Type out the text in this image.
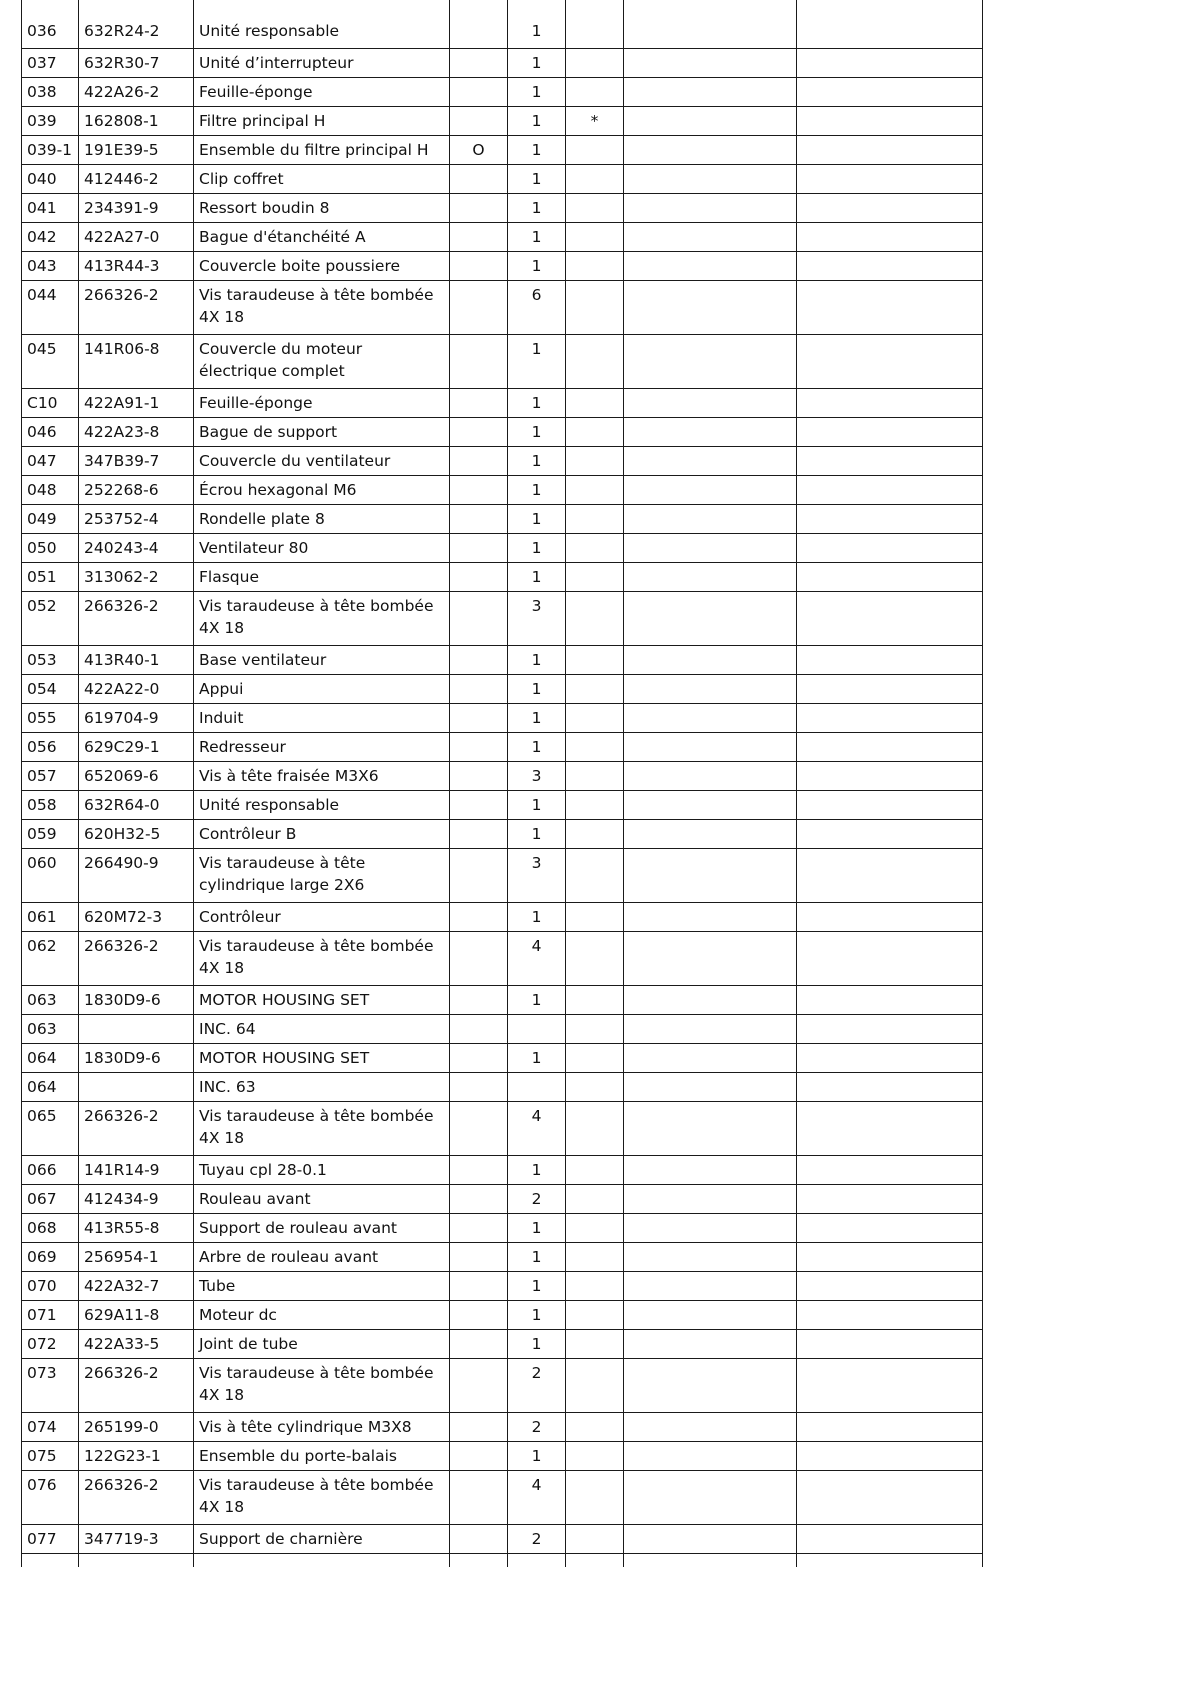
036	632R24-2	Unité responsable		1			
037	632R30-7	Unité d’interrupteur		1			
038	422A26-2	Feuille-éponge		1			
039	162808-1	Filtre principal H		1	*		
039-1	191E39-5	Ensemble du filtre principal H	O	1			
040	412446-2	Clip coffret		1			
041	234391-9	Ressort boudin 8		1			
042	422A27-0	Bague d'étanchéité A		1			
043	413R44-3	Couvercle boite poussiere		1			
044	266326-2	Vis taraudeuse à tête bombée 4X 18		6			
045	141R06-8	Couvercle du moteur électrique complet		1			
C10	422A91-1	Feuille-éponge		1			
046	422A23-8	Bague de support		1			
047	347B39-7	Couvercle du ventilateur		1			
048	252268-6	Écrou hexagonal M6		1			
049	253752-4	Rondelle plate 8		1			
050	240243-4	Ventilateur 80		1			
051	313062-2	Flasque		1			
052	266326-2	Vis taraudeuse à tête bombée 4X 18		3			
053	413R40-1	Base ventilateur		1			
054	422A22-0	Appui		1			
055	619704-9	Induit		1			
056	629C29-1	Redresseur		1			
057	652069-6	Vis à tête fraisée M3X6		3			
058	632R64-0	Unité responsable		1			
059	620H32-5	Contrôleur B		1			
060	266490-9	Vis taraudeuse à tête cylindrique large 2X6		3			
061	620M72-3	Contrôleur		1			
062	266326-2	Vis taraudeuse à tête bombée 4X 18		4			
063	1830D9-6	MOTOR HOUSING SET		1			
063		INC. 64					
064	1830D9-6	MOTOR HOUSING SET		1			
064		INC. 63					
065	266326-2	Vis taraudeuse à tête bombée 4X 18		4			
066	141R14-9	Tuyau cpl 28-0.1		1			
067	412434-9	Rouleau avant		2			
068	413R55-8	Support de rouleau avant		1			
069	256954-1	Arbre de rouleau avant		1			
070	422A32-7	Tube		1			
071	629A11-8	Moteur dc		1			
072	422A33-5	Joint de tube		1			
073	266326-2	Vis taraudeuse à tête bombée 4X 18		2			
074	265199-0	Vis à tête cylindrique M3X8		2			
075	122G23-1	Ensemble du porte-balais		1			
076	266326-2	Vis taraudeuse à tête bombée 4X 18		4			
077	347719-3	Support de charnière		2			
